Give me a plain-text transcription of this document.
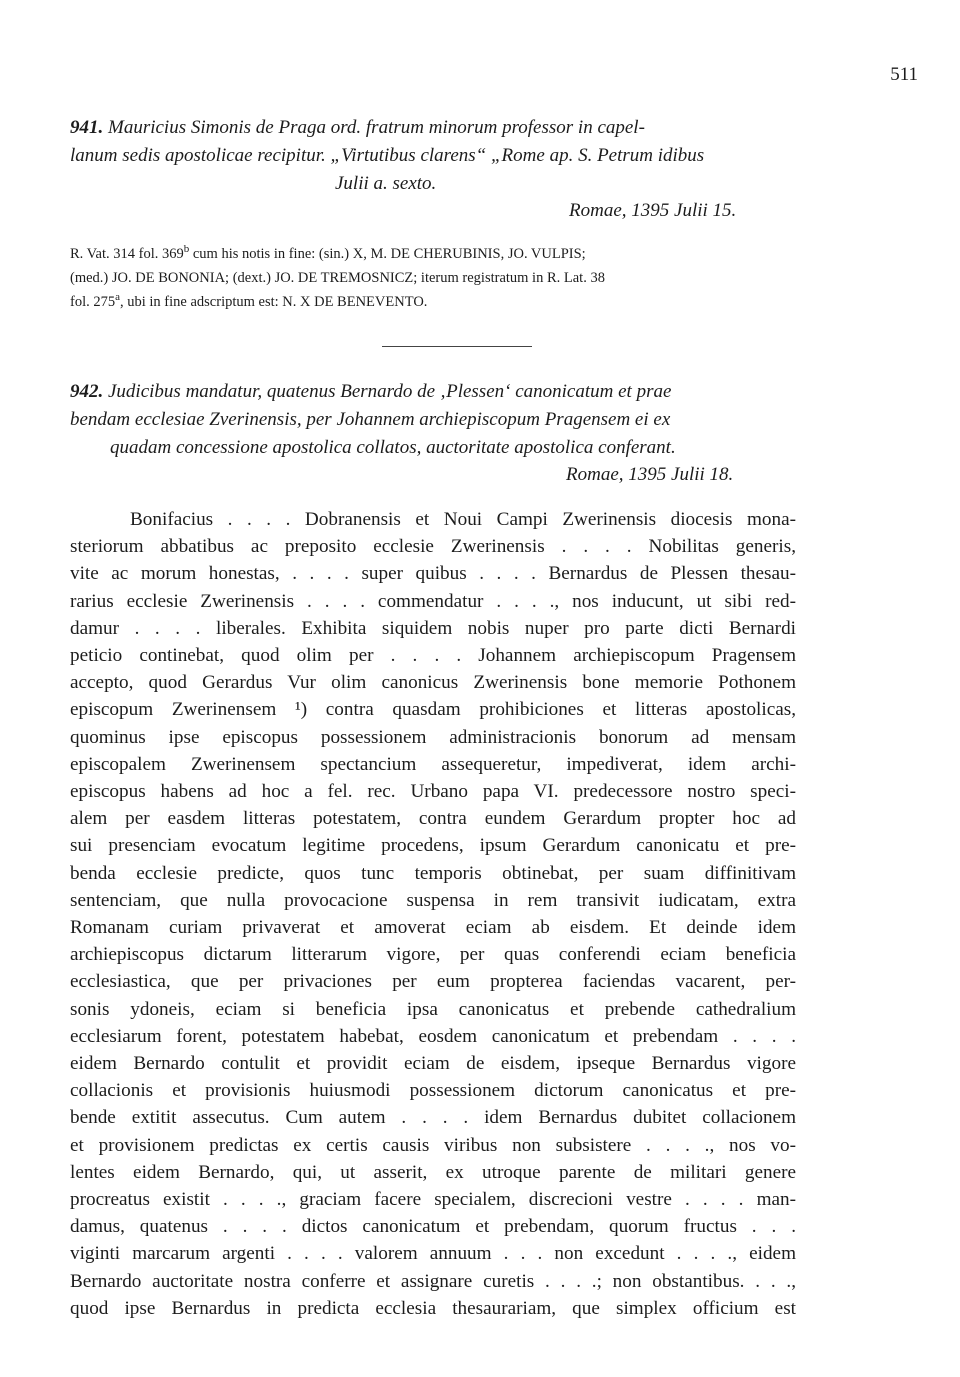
511
941. Mauricius Simonis de Praga ord. fratrum minorum professor in capel-
lanum sedis apostolicae recipitur. „Virtutibus clarens“ „Rome ap. S. Petrum idibus
Julii a. sexto.
Romae, 1395 Julii 15.
R. Vat. 314 fol. 369$^b$ cum his notis in fine: (sin.) X, M. DE CHERUBINIS, JO. VULPIS;
(med.) JO. DE BONONIA; (dext.) JO. DE TREMOSNICZ; iterum registratum in R. Lat. 38
fol. 275$^a$, ubi in fine adscriptum est: N. X DE BENEVENTO.
942. Judicibus mandatur, quatenus Bernardo de ‚Plessen‘ canonicatum et prae
bendam ecclesiae Zverinensis, per Johannem archiepiscopum Pragensem ei ex
quadam concessione apostolica collatos, auctoritate apostolica conferant.
Romae, 1395 Julii 18.
Bonifacius . . . . Dobranensis et Noui Campi Zwerinensis diocesis mona-
steriorum abbatibus ac preposito ecclesie Zwerinensis . . . . Nobilitas generis,
vite ac morum honestas, . . . . super quibus . . . . Bernardus de Plessen thesau-
rarius ecclesie Zwerinensis . . . . commendatur . . . ., nos inducunt, ut sibi red-
damur . . . . liberales. Exhibita siquidem nobis nuper pro parte dicti Bernardi
peticio continebat, quod olim per . . . . Johannem archiepiscopum Pragensem
accepto, quod Gerardus Vur olim canonicus Zwerinensis bone memorie Pothonem
episcopum Zwerinensem ¹) contra quasdam prohibiciones et litteras apostolicas,
quominus ipse episcopus possessionem administracionis bonorum ad mensam
episcopalem Zwerinensem spectancium assequeretur, impediverat, idem archi-
episcopus habens ad hoc a fel. rec. Urbano papa VI. predecessore nostro speci-
alem per easdem litteras potestatem, contra eundem Gerardum propter hoc ad
sui presenciam evocatum legitime procedens, ipsum Gerardum canonicatu et pre-
benda ecclesie predicte, quos tunc temporis obtinebat, per suam diffinitivam
sentenciam, que nulla provocacione suspensa in rem transivit iudicatam, extra
Romanam curiam privaverat et amoverat eciam ab eisdem. Et deinde idem
archiepiscopus dictarum litterarum vigore, per quas conferendi eciam beneficia
ecclesiastica, que per privaciones per eum propterea faciendas vacarent, per-
sonis ydoneis, eciam si beneficia ipsa canonicatus et prebende cathedralium
ecclesiarum forent, potestatem habebat, eosdem canonicatum et prebendam . . . .
eidem Bernardo contulit et providit eciam de eisdem, ipseque Bernardus vigore
collacionis et provisionis huiusmodi possessionem dictorum canonicatus et pre-
bende extitit assecutus. Cum autem . . . . idem Bernardus dubitet collacionem
et provisionem predictas ex certis causis viribus non subsistere . . . ., nos vo-
lentes eidem Bernardo, qui, ut asserit, ex utroque parente de militari genere
procreatus existit . . . ., graciam facere specialem, discrecioni vestre . . . . man-
damus, quatenus . . . . dictos canonicatum et prebendam, quorum fructus . . .
viginti marcarum argenti . . . . valorem annuum . . . non excedunt . . . ., eidem
Bernardo auctoritate nostra conferre et assignare curetis . . . .; non obstantibus. . . .,
quod ipse Bernardus in predicta ecclesia thesaurariam, que simplex officium est
